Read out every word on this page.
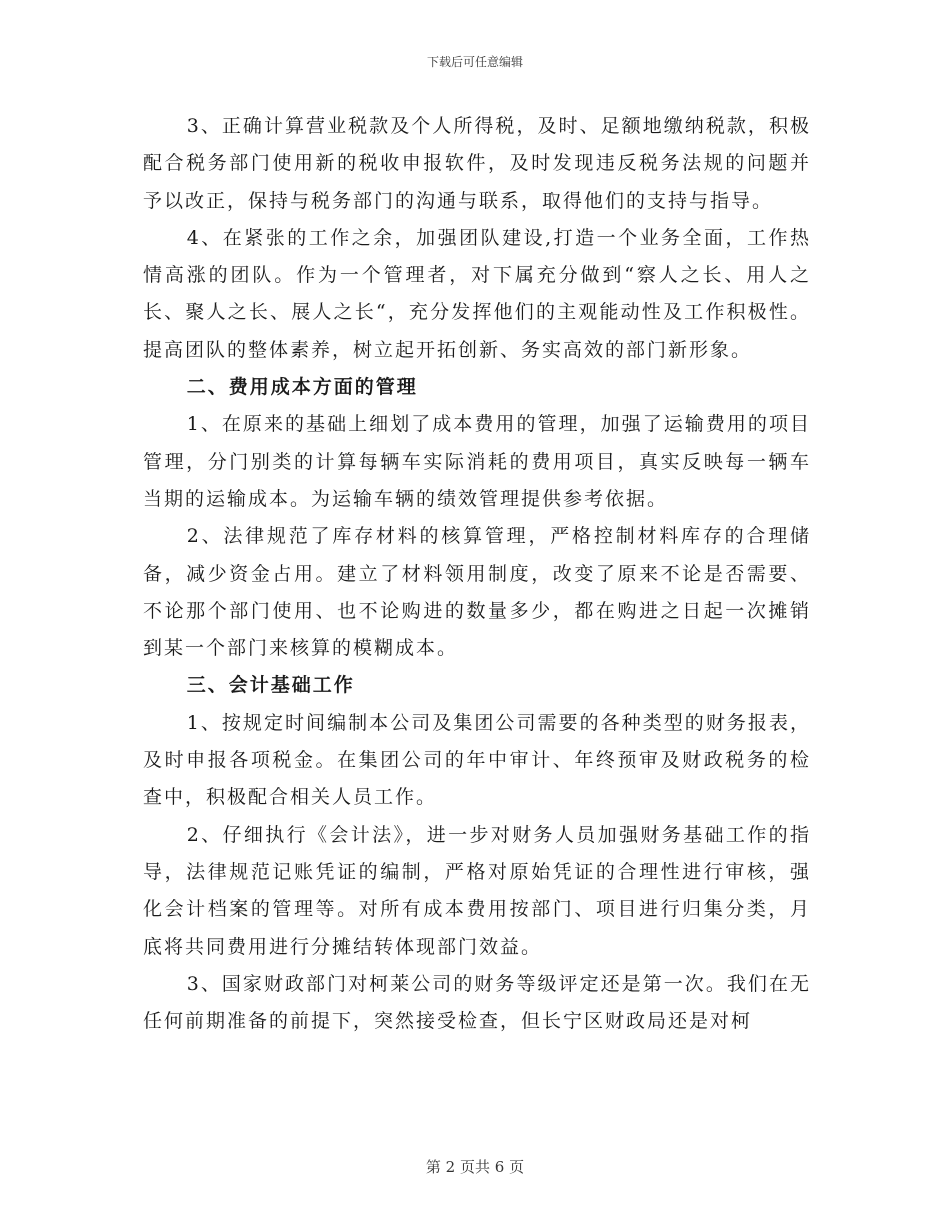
下载后可任意编辑

3、正确计算营业税款及个人所得税，及时、足额地缴纳税款，积极配合税务部门使用新的税收申报软件，及时发现违反税务法规的问题并予以改正，保持与税务部门的沟通与联系，取得他们的支持与指导。

4、在紧张的工作之余，加强团队建设,打造一个业务全面，工作热情高涨的团队。作为一个管理者，对下属充分做到“察人之长、用人之长、聚人之长、展人之长“，充分发挥他们的主观能动性及工作积极性。提高团队的整体素养，树立起开拓创新、务实高效的部门新形象。

二、费用成本方面的管理

1、在原来的基础上细划了成本费用的管理，加强了运输费用的项目管理，分门别类的计算每辆车实际消耗的费用项目，真实反映每一辆车当期的运输成本。为运输车辆的绩效管理提供参考依据。

2、法律规范了库存材料的核算管理，严格控制材料库存的合理储备，减少资金占用。建立了材料领用制度，改变了原来不论是否需要、不论那个部门使用、也不论购进的数量多少，都在购进之日起一次摊销到某一个部门来核算的模糊成本。

三、会计基础工作

1、按规定时间编制本公司及集团公司需要的各种类型的财务报表，及时申报各项税金。在集团公司的年中审计、年终预审及财政税务的检查中，积极配合相关人员工作。

2、仔细执行《会计法》，进一步对财务人员加强财务基础工作的指导，法律规范记账凭证的编制，严格对原始凭证的合理性进行审核，强化会计档案的管理等。对所有成本费用按部门、项目进行归集分类，月底将共同费用进行分摊结转体现部门效益。

3、国家财政部门对柯莱公司的财务等级评定还是第一次。我们在无任何前期准备的前提下，突然接受检查，但长宁区财政局还是对柯

第 2 页共 6 页
